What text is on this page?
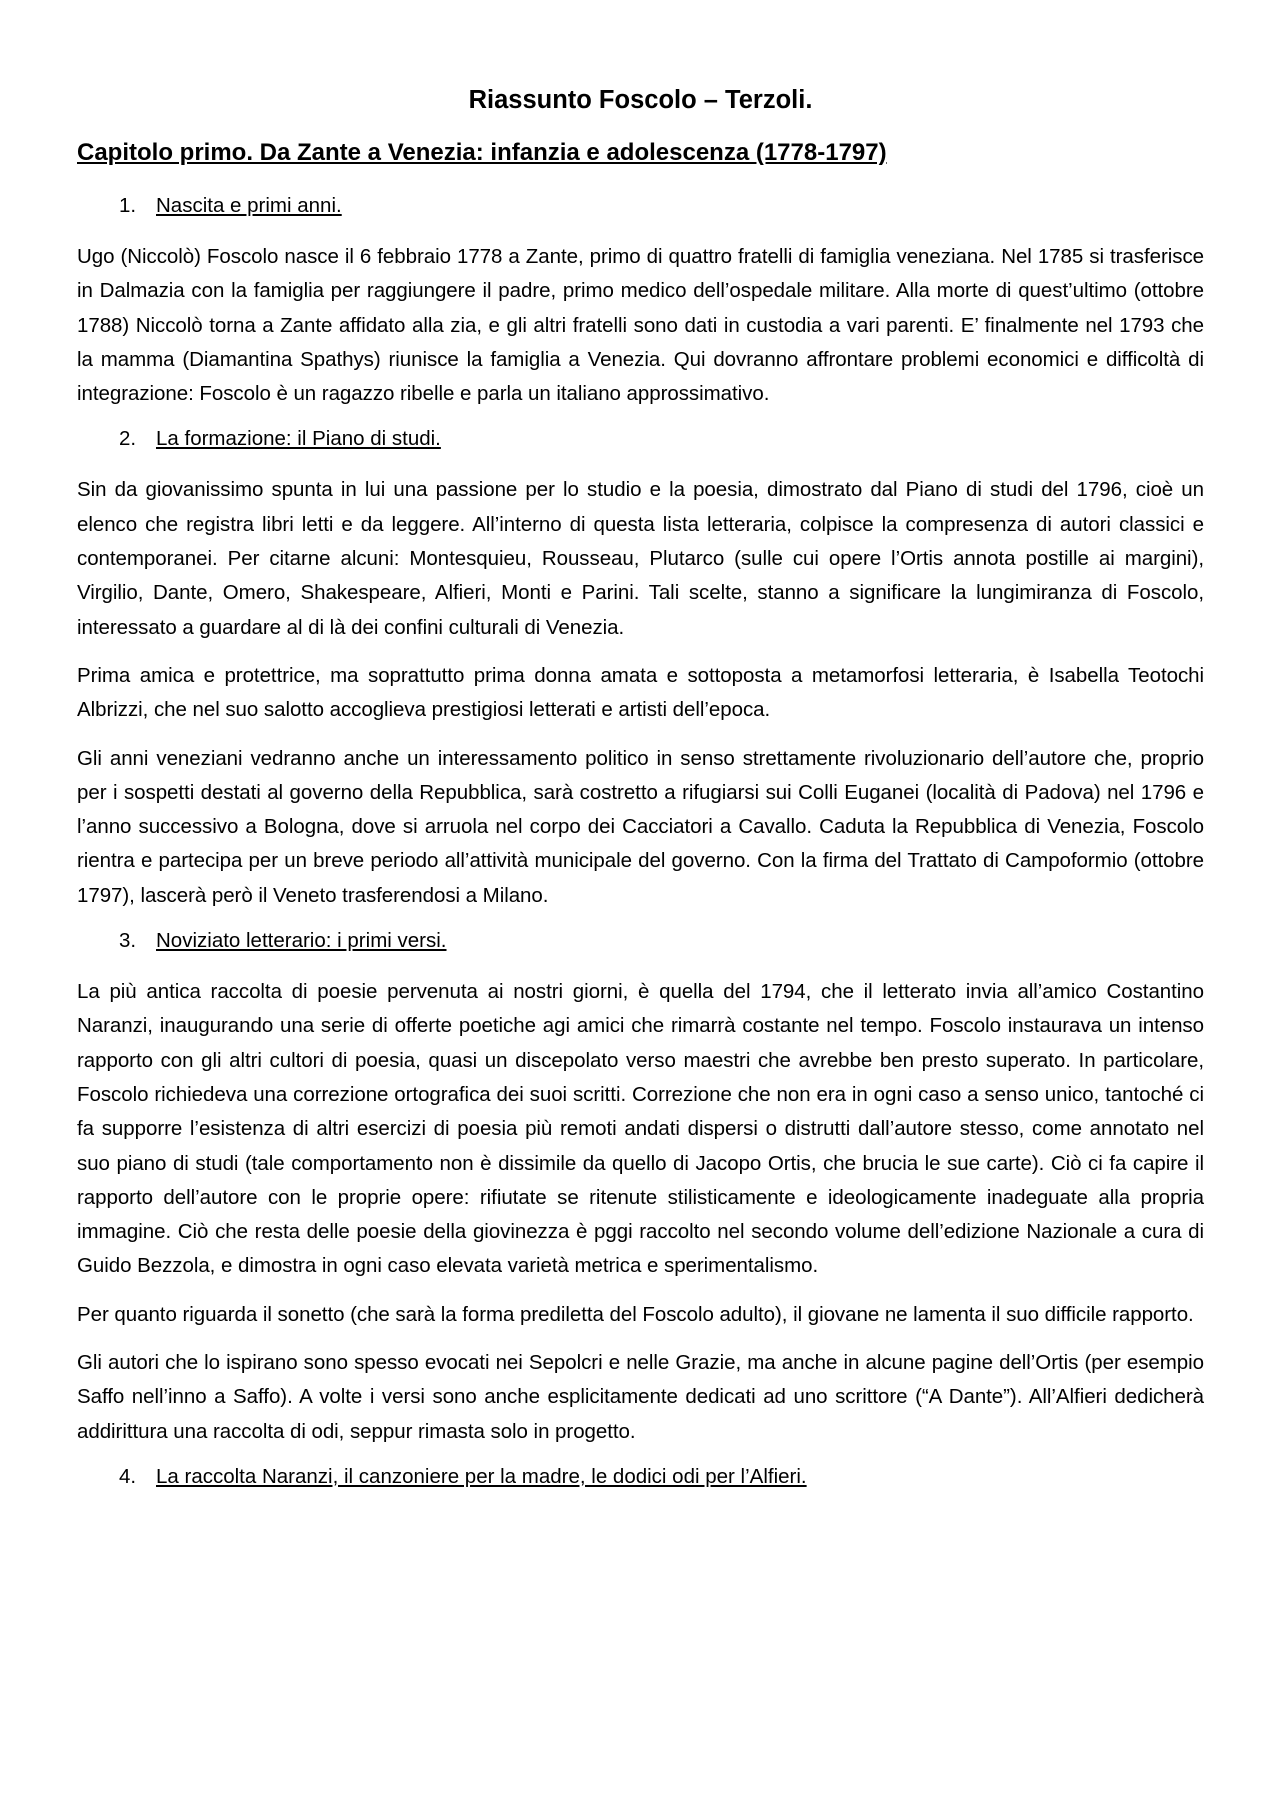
Riassunto Foscolo – Terzoli.
Capitolo primo. Da Zante a Venezia: infanzia e adolescenza (1778-1797)
1. Nascita e primi anni.

Ugo (Niccolò) Foscolo nasce il 6 febbraio 1778 a Zante, primo di quattro fratelli di famiglia veneziana. Nel 1785 si trasferisce in Dalmazia con la famiglia per raggiungere il padre, primo medico dell’ospedale militare. Alla morte di quest’ultimo (ottobre 1788) Niccolò torna a Zante affidato alla zia, e gli altri fratelli sono dati in custodia a vari parenti. E’ finalmente nel 1793 che la mamma (Diamantina Spathys) riunisce la famiglia a Venezia. Qui dovranno affrontare problemi economici e difficoltà di integrazione: Foscolo è un ragazzo ribelle e parla un italiano approssimativo.

2. La formazione: il Piano di studi.

Sin da giovanissimo spunta in lui una passione per lo studio e la poesia, dimostrato dal Piano di studi del 1796, cioè un elenco che registra libri letti e da leggere. All’interno di questa lista letteraria, colpisce la compresenza di autori classici e contemporanei. Per citarne alcuni: Montesquieu, Rousseau, Plutarco (sulle cui opere l’Ortis annota postille ai margini), Virgilio, Dante, Omero, Shakespeare, Alfieri, Monti e Parini. Tali scelte, stanno a significare la lungimiranza di Foscolo, interessato a guardare al di là dei confini culturali di Venezia.

Prima amica e protettrice, ma soprattutto prima donna amata e sottoposta a metamorfosi letteraria, è Isabella Teotochi Albrizzi, che nel suo salotto accoglieva prestigiosi letterati e artisti dell’epoca.

Gli anni veneziani vedranno anche un interessamento politico in senso strettamente rivoluzionario dell’autore che, proprio per i sospetti destati al governo della Repubblica, sarà costretto a rifugiarsi sui Colli Euganei (località di Padova) nel 1796 e l’anno successivo a Bologna, dove si arruola nel corpo dei Cacciatori a Cavallo. Caduta la Repubblica di Venezia, Foscolo rientra e partecipa per un breve periodo all’attività municipale del governo. Con la firma del Trattato di Campoformio (ottobre 1797), lascerà però il Veneto trasferendosi a Milano.

3. Noviziato letterario: i primi versi.

La più antica raccolta di poesie pervenuta ai nostri giorni, è quella del 1794, che il letterato invia all’amico Costantino Naranzi, inaugurando una serie di offerte poetiche agi amici che rimarrà costante nel tempo. Foscolo instaurava un intenso rapporto con gli altri cultori di poesia, quasi un discepolato verso maestri che avrebbe ben presto superato. In particolare, Foscolo richiedeva una correzione ortografica dei suoi scritti. Correzione che non era in ogni caso a senso unico, tantoché ci fa supporre l’esistenza di altri esercizi di poesia più remoti andati dispersi o distrutti dall’autore stesso, come annotato nel suo piano di studi (tale comportamento non è dissimile da quello di Jacopo Ortis, che brucia le sue carte). Ciò ci fa capire il rapporto dell’autore con le proprie opere: rifiutate se ritenute stilisticamente e ideologicamente inadeguate alla propria immagine. Ciò che resta delle poesie della giovinezza è pggi raccolto nel secondo volume dell’edizione Nazionale a cura di Guido Bezzola, e dimostra in ogni caso elevata varietà metrica e sperimentalismo.

Per quanto riguarda il sonetto (che sarà la forma prediletta del Foscolo adulto), il giovane ne lamenta il suo difficile rapporto.

Gli autori che lo ispirano sono spesso evocati nei Sepolcri e nelle Grazie, ma anche in alcune pagine dell’Ortis (per esempio Saffo nell’inno a Saffo). A volte i versi sono anche esplicitamente dedicati ad uno scrittore (“A Dante”). All’Alfieri dedicherà addirittura una raccolta di odi, seppur rimasta solo in progetto.

4. La raccolta Naranzi, il canzoniere per la madre, le dodici odi per l’Alfieri.
